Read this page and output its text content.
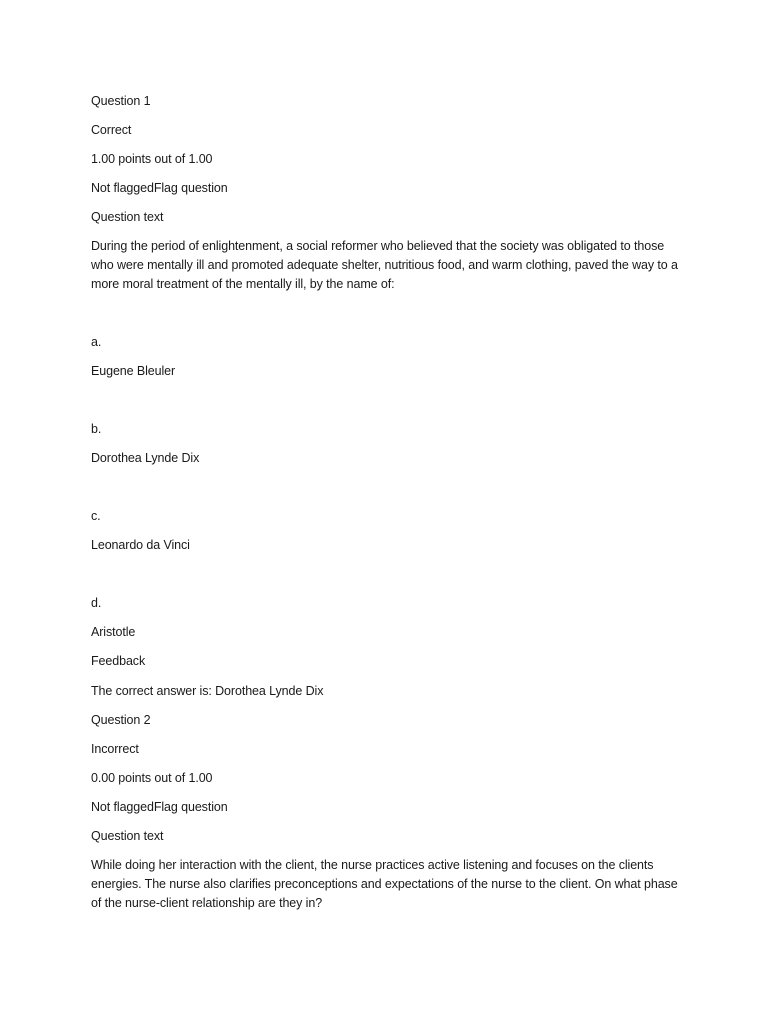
Question 1
Correct
1.00 points out of 1.00
Not flaggedFlag question
Question text
During the period of enlightenment, a social reformer who believed that the society was obligated to those who were mentally ill and promoted adequate shelter, nutritious food, and warm clothing, paved the way to a more moral treatment of the mentally ill, by the name of:
a.
Eugene Bleuler
b.
Dorothea Lynde Dix
c.
Leonardo da Vinci
d.
Aristotle
Feedback
The correct answer is: Dorothea Lynde Dix
Question 2
Incorrect
0.00 points out of 1.00
Not flaggedFlag question
Question text
While doing her interaction with the client, the nurse practices active listening and focuses on the clients energies. The nurse also clarifies preconceptions and expectations of the nurse to the client. On what phase of the nurse-client relationship are they in?
